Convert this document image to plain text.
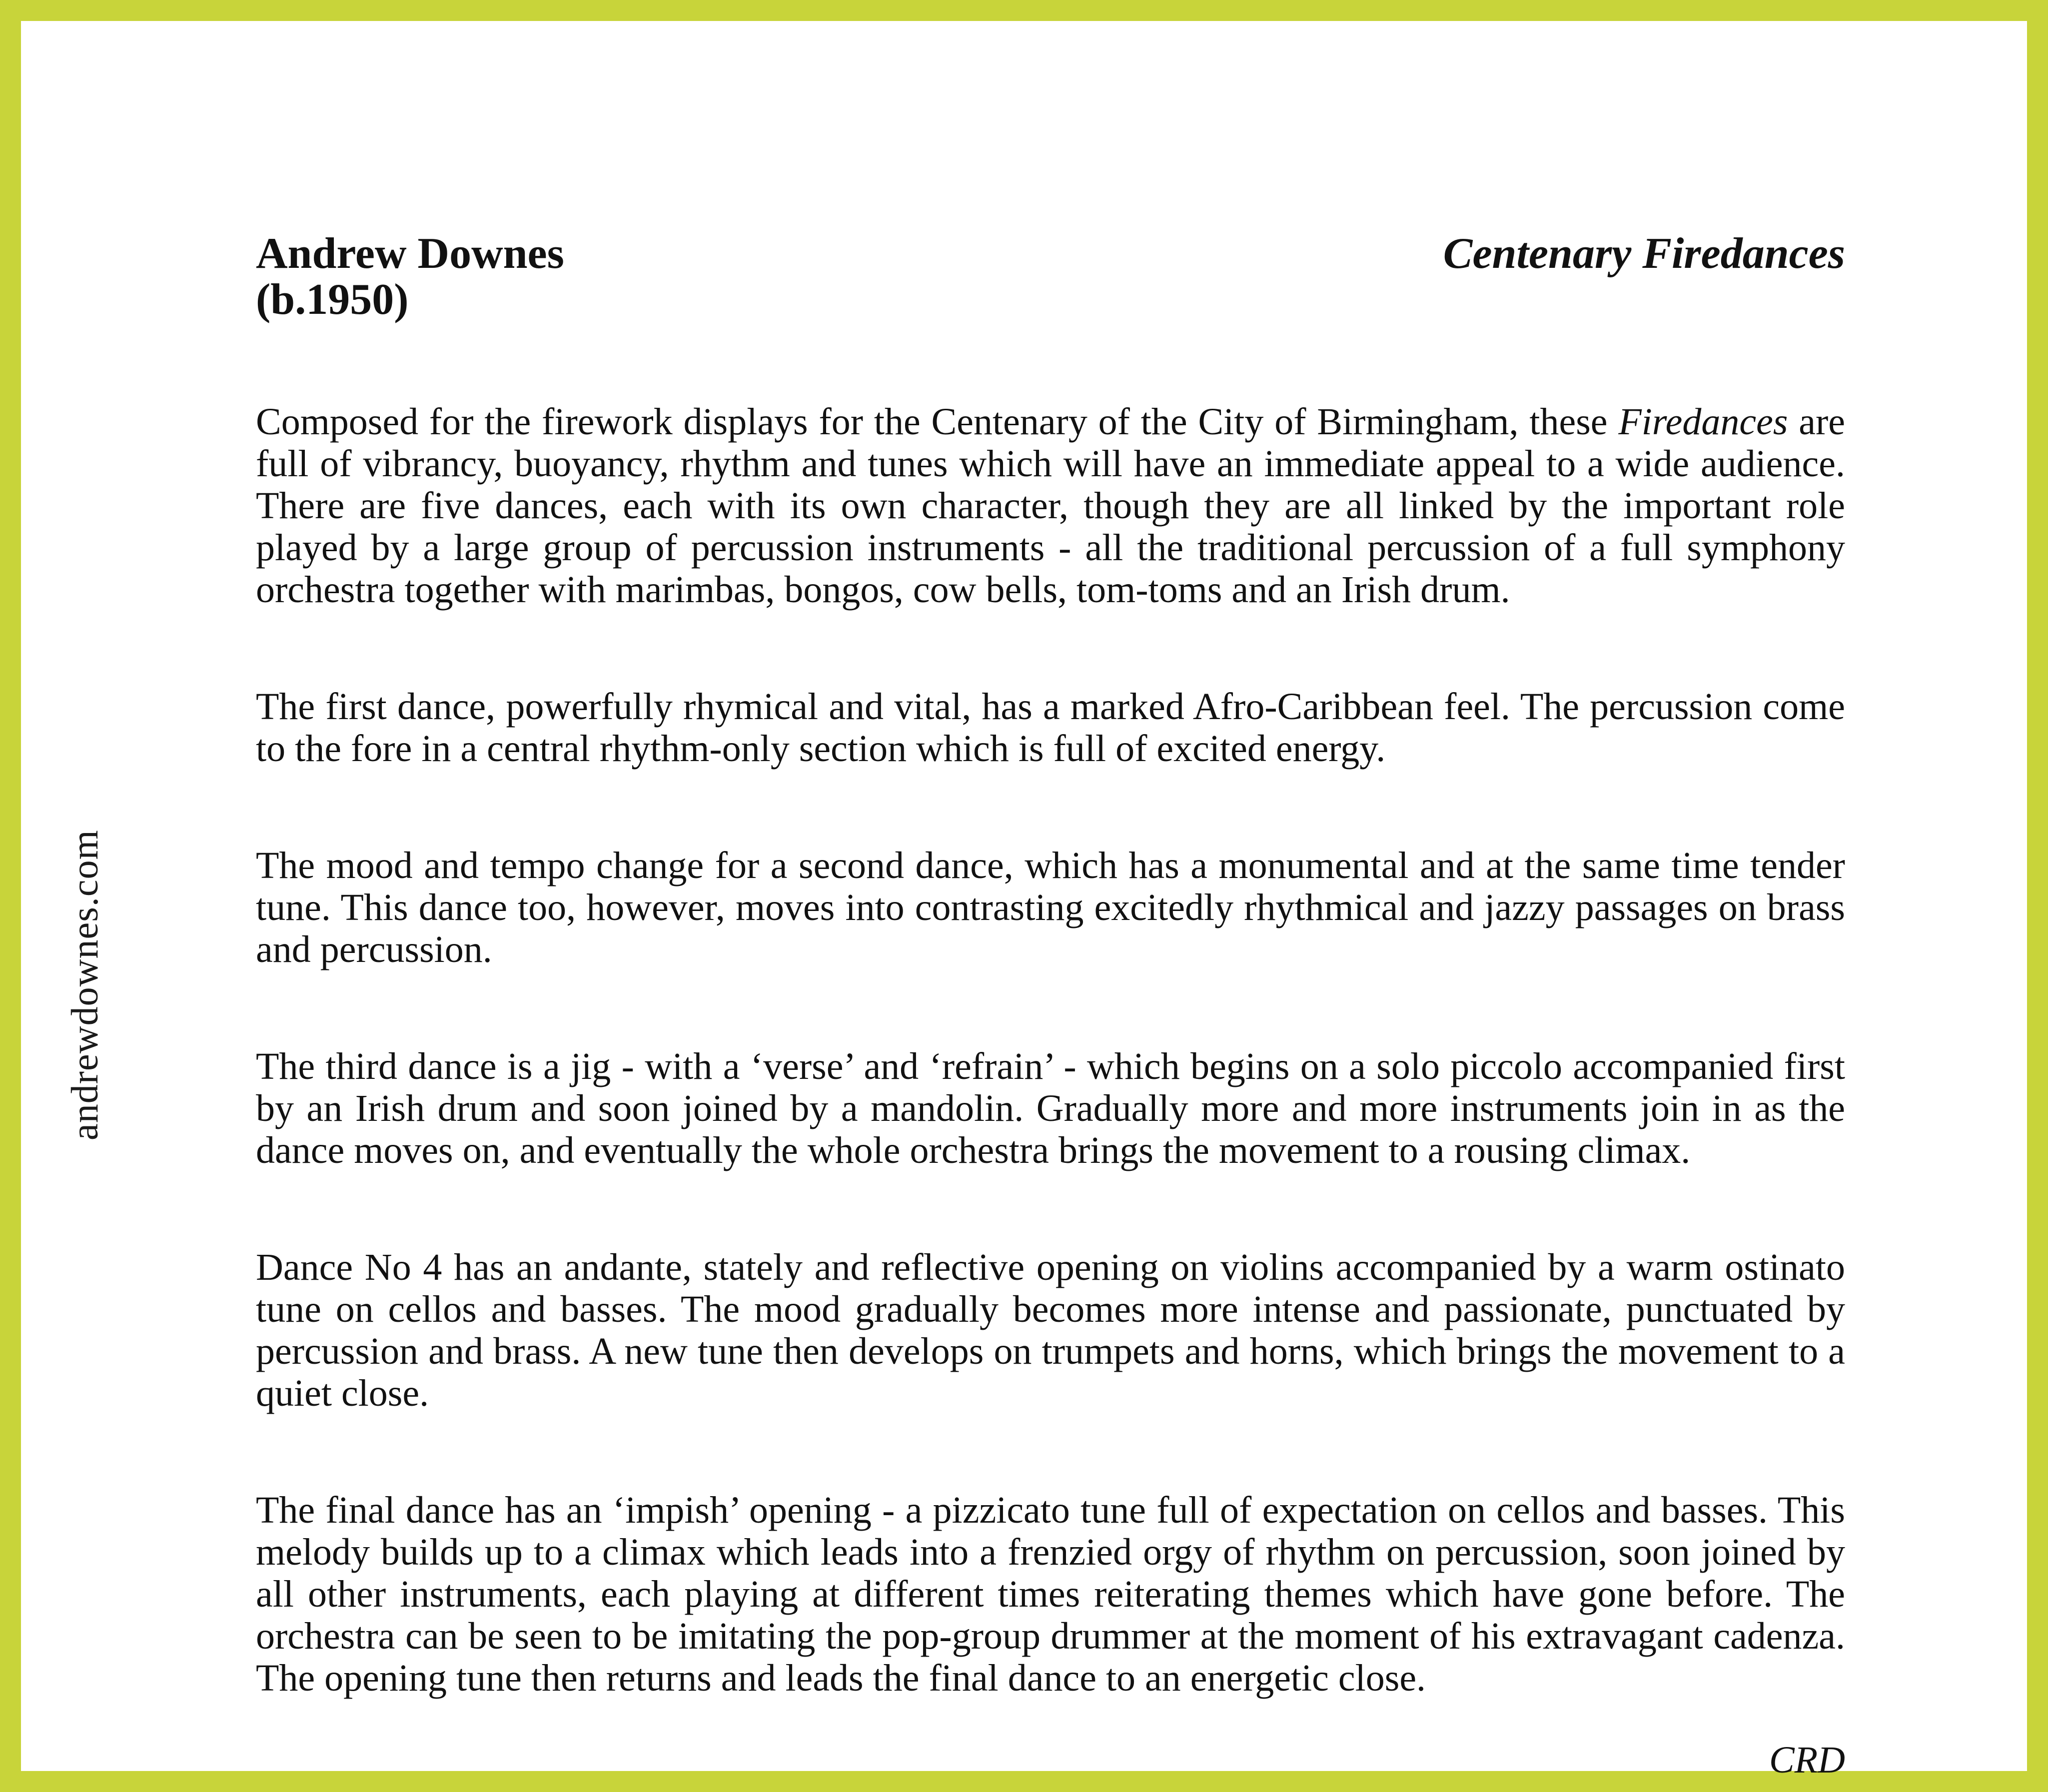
andrewdownes.com
Andrew Downes
(b.1950)
Centenary Firedances

Composed for the firework displays for the Centenary of the City of Birmingham, these Firedances are full of vibrancy, buoyancy, rhythm and tunes which will have an immediate appeal to a wide audience. There are five dances, each with its own character, though they are all linked by the important role played by a large group of percussion instruments - all the traditional percussion of a full symphony orchestra together with marimbas, bongos, cow bells, tom-toms and an Irish drum.

The first dance, powerfully rhymical and vital, has a marked Afro-Caribbean feel. The percussion come to the fore in a central rhythm-only section which is full of excited energy.

The mood and tempo change for a second dance, which has a monumental and at the same time tender tune. This dance too, however, moves into contrasting excitedly rhythmical and jazzy passages on brass and percussion.

The third dance is a jig - with a ‘verse’ and ‘refrain’ - which begins on a solo piccolo accompanied first by an Irish drum and soon joined by a mandolin. Gradually more and more instruments join in as the dance moves on, and eventually the whole orchestra brings the movement to a rousing climax.

Dance No 4 has an andante, stately and reflective opening on violins accompanied by a warm ostinato tune on cellos and basses. The mood gradually becomes more intense and passionate, punctuated by percussion and brass. A new tune then develops on trumpets and horns, which brings the movement to a quiet close.

The final dance has an ‘impish’ opening - a pizzicato tune full of expectation on cellos and basses. This melody builds up to a climax which leads into a frenzied orgy of rhythm on percussion, soon joined by all other instruments, each playing at different times reiterating themes which have gone before. The orchestra can be seen to be imitating the pop-group drummer at the moment of his extravagant cadenza. The opening tune then returns and leads the final dance to an energetic close.

CRD
